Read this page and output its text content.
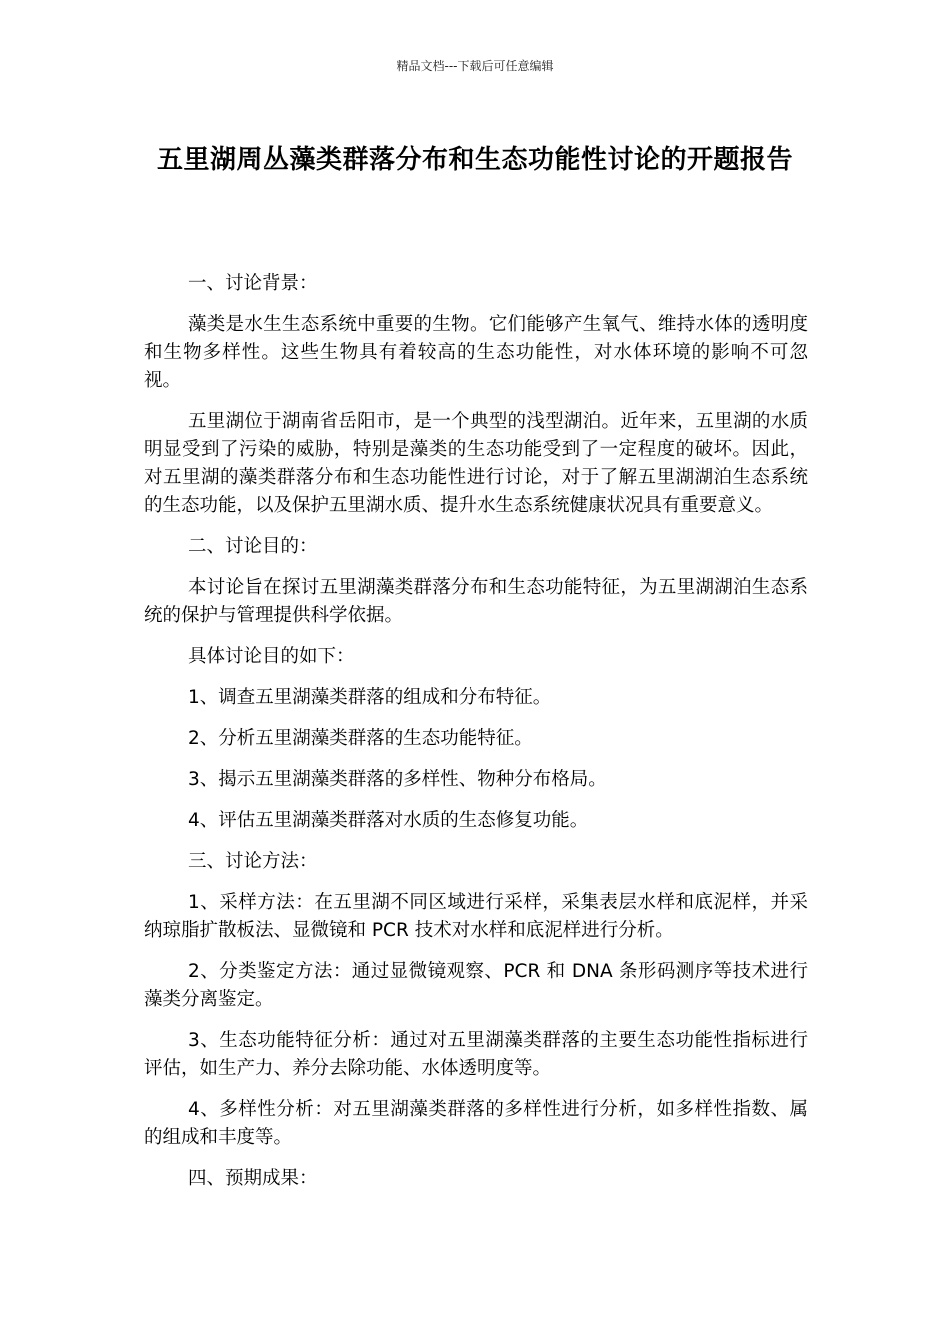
精品文档---下载后可任意编辑
五里湖周丛藻类群落分布和生态功能性讨论的开题报告

一、讨论背景：

藻类是水生生态系统中重要的生物。它们能够产生氧气、维持水体的透明度和生物多样性。这些生物具有着较高的生态功能性，对水体环境的影响不可忽视。

五里湖位于湖南省岳阳市，是一个典型的浅型湖泊。近年来，五里湖的水质明显受到了污染的威胁，特别是藻类的生态功能受到了一定程度的破坏。因此，对五里湖的藻类群落分布和生态功能性进行讨论，对于了解五里湖湖泊生态系统的生态功能，以及保护五里湖水质、提升水生态系统健康状况具有重要意义。

二、讨论目的：

本讨论旨在探讨五里湖藻类群落分布和生态功能特征，为五里湖湖泊生态系统的保护与管理提供科学依据。

具体讨论目的如下：

1、调查五里湖藻类群落的组成和分布特征。

2、分析五里湖藻类群落的生态功能特征。

3、揭示五里湖藻类群落的多样性、物种分布格局。

4、评估五里湖藻类群落对水质的生态修复功能。

三、讨论方法：

1、采样方法：在五里湖不同区域进行采样，采集表层水样和底泥样，并采纳琼脂扩散板法、显微镜和 PCR 技术对水样和底泥样进行分析。

2、分类鉴定方法：通过显微镜观察、PCR 和 DNA 条形码测序等技术进行藻类分离鉴定。

3、生态功能特征分析：通过对五里湖藻类群落的主要生态功能性指标进行评估，如生产力、养分去除功能、水体透明度等。

4、多样性分析：对五里湖藻类群落的多样性进行分析，如多样性指数、属的组成和丰度等。

四、预期成果：
